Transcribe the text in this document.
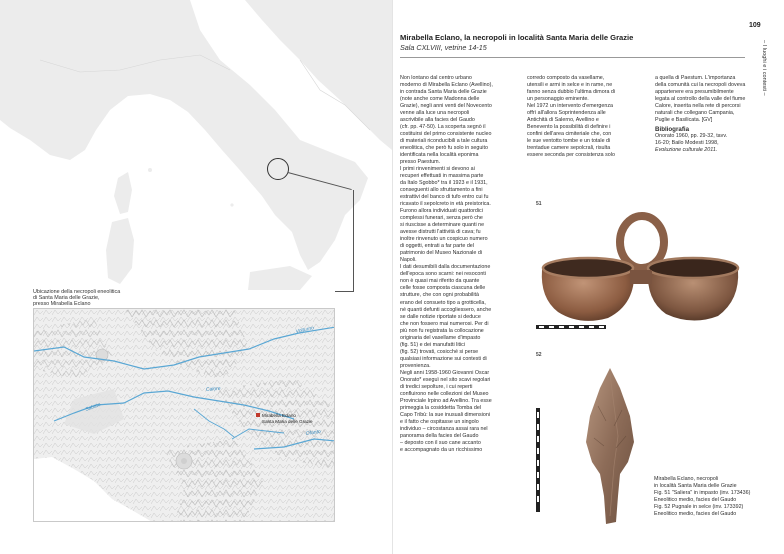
Ubicazione della necropoli eneolitica

di Santa Maria delle Grazie,

presso Mirabella Eclano

Volturno
Calore
Sabato
Ofanto
Mirabella Eclano
Santa Maria delle Grazie
109
– I luoghi e i contesti –
Mirabella Eclano, la necropoli in località Santa Maria delle Grazie
Sala CXLVIII, vetrine 14-15

Non lontano dal centro urbano

moderno di Mirabella Eclano (Avellino),

in contrada Santa Maria delle Grazie

(note anche come Madonna delle

Grazie), negli anni venti del Novecento

venne alla luce una necropoli

ascrivibile alla facies del Gaudo

(cfr. pp. 47-50). La scoperta segnò il

costituirsi del primo consistente nucleo

di materiali riconducibili a tale cultura

eneolitica, che però fu solo in seguito

identificata nella località eponima

presso Paestum.

I primi rinvenimenti si devono ai

recuperi effettuati in massima parte

da Italo Sgobbo* tra il 1923 e il 1931,

conseguenti allo sfruttamento a fini

estrattivi del banco di tufo entro cui fu

ricavato il sepolcreto in età preistorica.

Furono allora individuati quattordici

complessi funerari, senza però che

si riuscisse a determinare quanti ne

avesse distrutti l'attività di cava; fu

inoltre rinvenuto un cospicuo numero

di oggetti, entrati a far parte del

patrimonio del Museo Nazionale di

Napoli.

I dati desumibili dalla documentazione

dell'epoca sono scarni: nei resoconti

non è quasi mai riferito da quante

celle fosse composta ciascuna delle

strutture, che con ogni probabilità

erano del consueto tipo a grotticella,

né quanti defunti accogliessero, anche

se dalle notizie riportate si deduce

che non fossero mai numerosi. Per di

più non fu registrata la collocazione

originaria del vasellame d'impasto

(fig. 51) e dei manufatti litici

(fig. 52) trovati, cosicché si perse

qualsiasi informazione sui contesti di

provenienza.

Negli anni 1958-1960 Giovanni Oscar

Onorato* eseguì nel sito scavi regolari

di tredici sepolture, i cui reperti

confluirono nelle collezioni del Museo

Provinciale Irpino ad Avellino. Tra esse

primeggia la cosiddetta Tomba del

Capo Tribù: la sue inusuali dimensioni

e il fatto che ospitasse un singolo

individuo – circostanza assai rara nel

panorama della facies del Gaudo

– deposto con il suo cane accanto

e accompagnato da un ricchissimo

corredo composto da vasellame,

utensili e armi in selce e in rame, ne

fanno senza dubbio l'ultima dimora di

un personaggio eminente.

Nel 1972 un intervento d'emergenza

offrì all'allora Soprintendenza alle

Antichità di Salerno, Avellino e

Benevento la possibilità di definire i

confini dell'area cimiteriale che, con

le sue ventotto tombe e un totale di

trentadue camere sepolcrali, risulta

essere seconda per consistenza solo

a quella di Paestum. L'importanza

della comunità cui la necropoli doveva

appartenere era presumibilmente

legata al controllo della valle del fiume

Calore, inserita nella rete di percorsi

naturali che collegano Campania,

Puglie e Basilicata. [GV]

Bibliografia

Onorato 1960, pp. 29-32, tavv.

16-20; Bailo Modesti 1998,

Evoluzione culturale 2011.

51
52

Mirabella Eclano, necropoli

in località Santa Maria delle Grazie

Fig. 51 "Saliera" in impasto (inv. 173436)

Eneolitico medio, facies del Gaudo

Fig. 52 Pugnale in selce (inv. 173392)

Eneolitico medio, facies del Gaudo
